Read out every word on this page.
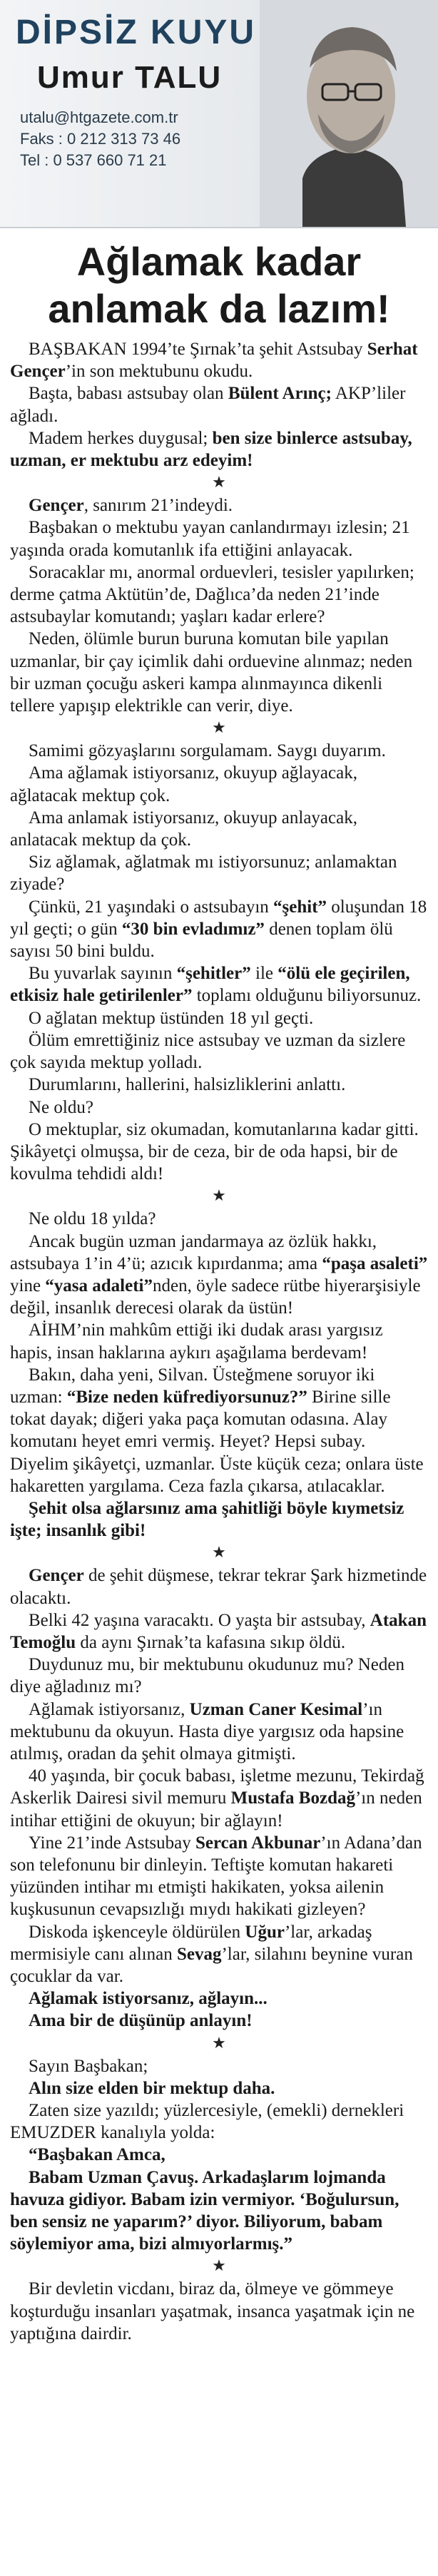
DİPSİZ KUYU
Umur TALU
utalu@htgazete.com.tr
Faks : 0 212 313 73 46
Tel : 0 537 660 71 21
Ağlamak kadar
anlamak da lazım!

BAŞBAKAN 1994’te Şırnak’ta şehit Astsubay Serhat Gençer’in son mektubunu okudu.

Başta, babası astsubay olan Bülent Arınç; AKP’liler ağladı.

Madem herkes duygusal; ben size binlerce astsubay, uzman, er mektubu arz edeyim!

★

Gençer, sanırım 21’indeydi.

Başbakan o mektubu yayan canlandırmayı izlesin; 21 yaşında orada komutanlık ifa ettiğini anlayacak.

Soracaklar mı, anormal orduevleri, tesisler yapılırken; derme çatma Aktütün’de, Dağlıca’da neden 21’inde astsubaylar komutandı; yaşları kadar erlere?

Neden, ölümle burun buruna komutan bile yapılan uzmanlar, bir çay içimlik dahi orduevine alınmaz; neden bir uzman çocuğu askeri kampa alınmayınca dikenli tellere yapışıp elektrikle can verir, diye.

★

Samimi gözyaşlarını sorgulamam. Saygı duyarım.

Ama ağlamak istiyorsanız, okuyup ağlayacak, ağlatacak mektup çok.

Ama anlamak istiyorsanız, okuyup anlayacak, anlatacak mektup da çok.

Siz ağlamak, ağlatmak mı istiyorsunuz; anlamaktan ziyade?

Çünkü, 21 yaşındaki o astsubayın “şehit” oluşundan 18 yıl geçti; o gün “30 bin evladımız” denen toplam ölü sayısı 50 bini buldu.

Bu yuvarlak sayının “şehitler” ile “ölü ele geçirilen, etkisiz hale getirilenler” toplamı olduğunu biliyorsunuz.

O ağlatan mektup üstünden 18 yıl geçti.

Ölüm emrettiğiniz nice astsubay ve uzman da sizlere çok sayıda mektup yolladı.

Durumlarını, hallerini, halsizliklerini anlattı.

Ne oldu?

O mektuplar, siz okumadan, komutanlarına kadar gitti. Şikâyetçi olmuşsa, bir de ceza, bir de oda hapsi, bir de kovulma tehdidi aldı!

★

Ne oldu 18 yılda?

Ancak bugün uzman jandarmaya az özlük hakkı, astsubaya 1’in 4’ü; azıcık kıpırdanma; ama “paşa asaleti” yine “yasa adaleti”nden, öyle sadece rütbe hiyerarşisiyle değil, insanlık derecesi olarak da üstün!

AİHM’nin mahkûm ettiği iki dudak arası yargısız hapis, insan haklarına aykırı aşağılama berdevam!

Bakın, daha yeni, Silvan. Üsteğmene soruyor iki uzman: “Bize neden küfrediyorsunuz?” Birine sille tokat dayak; diğeri yaka paça komutan odasına. Alay komutanı heyet emri vermiş. Heyet? Hepsi subay. Diyelim şikâyetçi, uzmanlar. Üste küçük ceza; onlara üste hakaretten yargılama. Ceza fazla çıkarsa, atılacaklar.

Şehit olsa ağlarsınız ama şahitliği böyle kıymetsiz işte; insanlık gibi!

★

Gençer de şehit düşmese, tekrar tekrar Şark hizmetinde olacaktı.

Belki 42 yaşına varacaktı. O yaşta bir astsubay, Atakan Temoğlu da aynı Şırnak’ta kafasına sıkıp öldü.

Duydunuz mu, bir mektubunu okudunuz mu? Neden diye ağladınız mı?

Ağlamak istiyorsanız, Uzman Caner Kesimal’ın mektubunu da okuyun. Hasta diye yargısız oda hapsine atılmış, oradan da şehit olmaya gitmişti.

40 yaşında, bir çocuk babası, işletme mezunu, Tekirdağ Askerlik Dairesi sivil memuru Mustafa Bozdağ’ın neden intihar ettiğini de okuyun; bir ağlayın!

Yine 21’inde Astsubay Sercan Akbunar’ın Adana’dan son telefonunu bir dinleyin. Teftişte komutan hakareti yüzünden intihar mı etmişti hakikaten, yoksa ailenin kuşkusunun cevapsızlığı mıydı hakikati gizleyen?

Diskoda işkenceyle öldürülen Uğur’lar, arkadaş mermisiyle canı alınan Sevag’lar, silahını beynine vuran çocuklar da var.

Ağlamak istiyorsanız, ağlayın...

Ama bir de düşünüp anlayın!

★

Sayın Başbakan;

Alın size elden bir mektup daha.

Zaten size yazıldı; yüzlercesiyle, (emekli) dernekleri EMUZDER kanalıyla yolda:

“Başbakan Amca,

Babam Uzman Çavuş. Arkadaşlarım lojmanda havuza gidiyor. Babam izin vermiyor. ‘Boğulursun, ben sensiz ne yaparım?’ diyor. Biliyorum, babam söylemiyor ama, bizi almıyorlarmış.”

★

Bir devletin vicdanı, biraz da, ölmeye ve gömmeye koşturduğu insanları yaşatmak, insanca yaşatmak için ne yaptığına dairdir.
